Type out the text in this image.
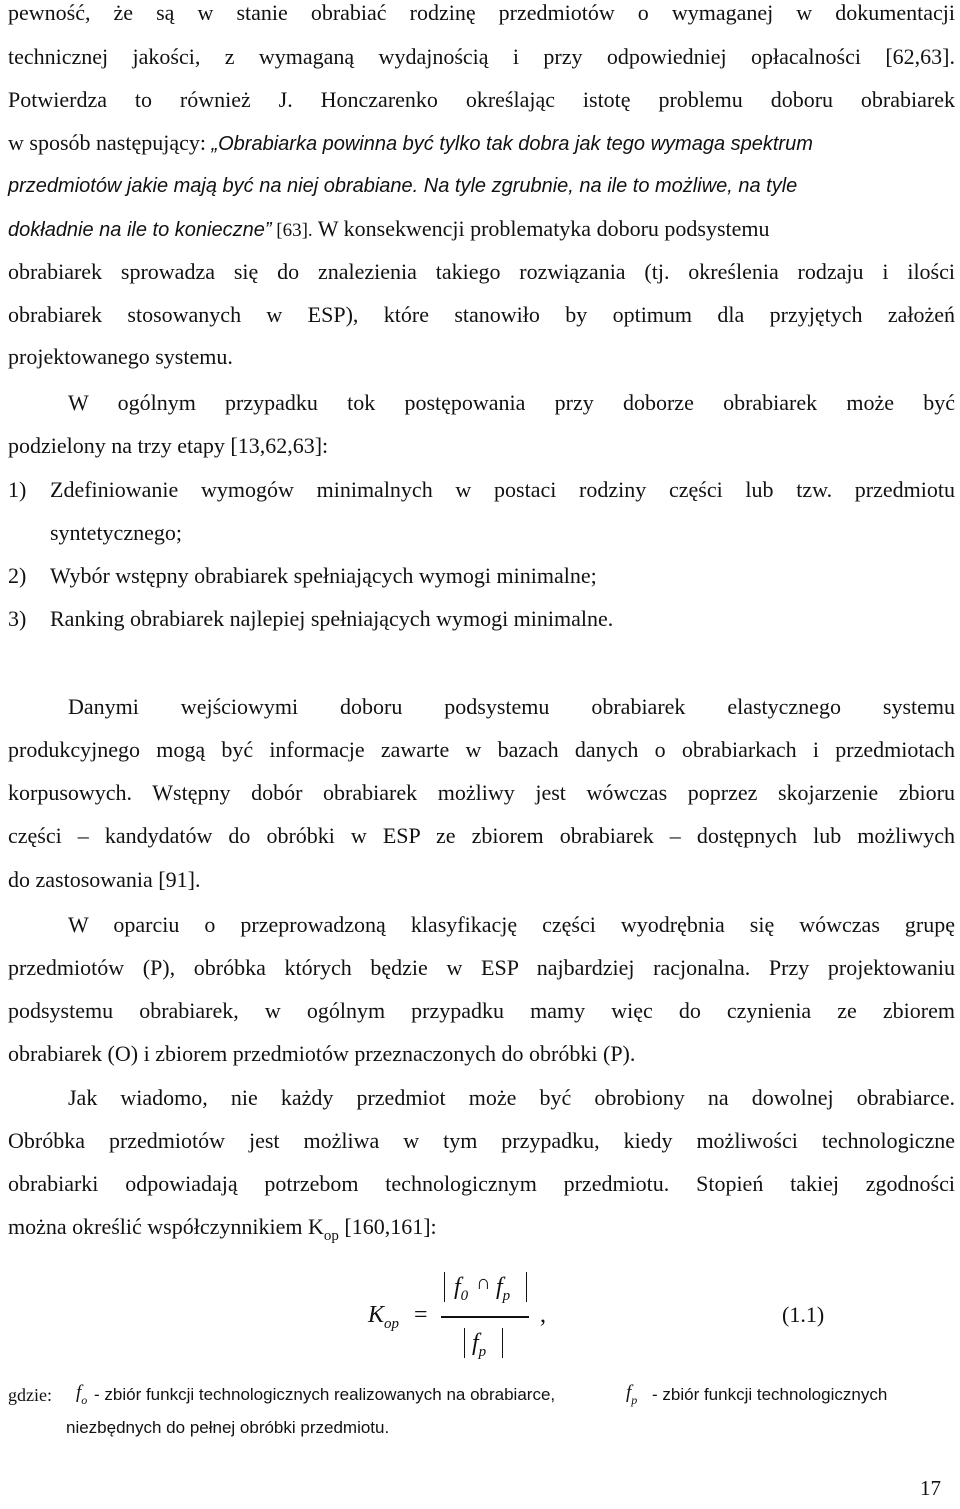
pewność, że są w stanie obrabiać rodzinę przedmiotów o wymaganej w dokumentacji
technicznej jakości, z wymaganą wydajnością i przy odpowiedniej opłacalności [62,63].
Potwierdza to również J. Honczarenko określając istotę problemu doboru obrabiarek
w sposób następujący: „Obrabiarka powinna być tylko tak dobra jak tego wymaga spektrum
przedmiotów jakie mają być na niej obrabiane. Na tyle zgrubnie, na ile to możliwe, na tyle
dokładnie na ile to konieczne” [63]. W konsekwencji problematyka doboru podsystemu
obrabiarek sprowadza się do znalezienia takiego rozwiązania (tj. określenia rodzaju i ilości
obrabiarek stosowanych w ESP), które stanowiło by optimum dla przyjętych założeń
projektowanego systemu.
W ogólnym przypadku tok postępowania przy doborze obrabiarek może być
podzielony na trzy etapy [13,62,63]:
1)	Zdefiniowanie wymogów minimalnych w postaci rodziny części lub tzw. przedmiotu
syntetycznego;
2)	Wybór wstępny obrabiarek spełniających wymogi minimalne;
3)	Ranking obrabiarek najlepiej spełniających wymogi minimalne.
Danymi wejściowymi doboru podsystemu obrabiarek elastycznego systemu
produkcyjnego mogą być informacje zawarte w bazach danych o obrabiarkach i przedmiotach
korpusowych. Wstępny dobór obrabiarek możliwy jest wówczas poprzez skojarzenie zbioru
części – kandydatów do obróbki w ESP ze zbiorem obrabiarek – dostępnych lub możliwych
do zastosowania [91].
W oparciu o przeprowadzoną klasyfikację części wyodrębnia się wówczas grupę
przedmiotów (P), obróbka których będzie w ESP najbardziej racjonalna. Przy projektowaniu
podsystemu obrabiarek, w ogólnym przypadku mamy więc do czynienia ze zbiorem
obrabiarek (O) i zbiorem przedmiotów przeznaczonych do obróbki (P).
Jak wiadomo, nie każdy przedmiot może być obrobiony na dowolnej obrabiarce.
Obróbka przedmiotów jest możliwa w tym przypadku, kiedy możliwości technologiczne
obrabiarki odpowiadają potrzebom technologicznym przedmiotu. Stopień takiej zgodności
można określić współczynnikiem $K_{op}$ [160,161]:
$K_{op}$ =
$f_0$
∩ $f_p$
$f_p$
,	(1.1)
gdzie: $f_o$ - zbiór funkcji technologicznych realizowanych na obrabiarce,	$f_p$ - zbiór funkcji technologicznych
niezbędnych do pełnej obróbki przedmiotu.
17
